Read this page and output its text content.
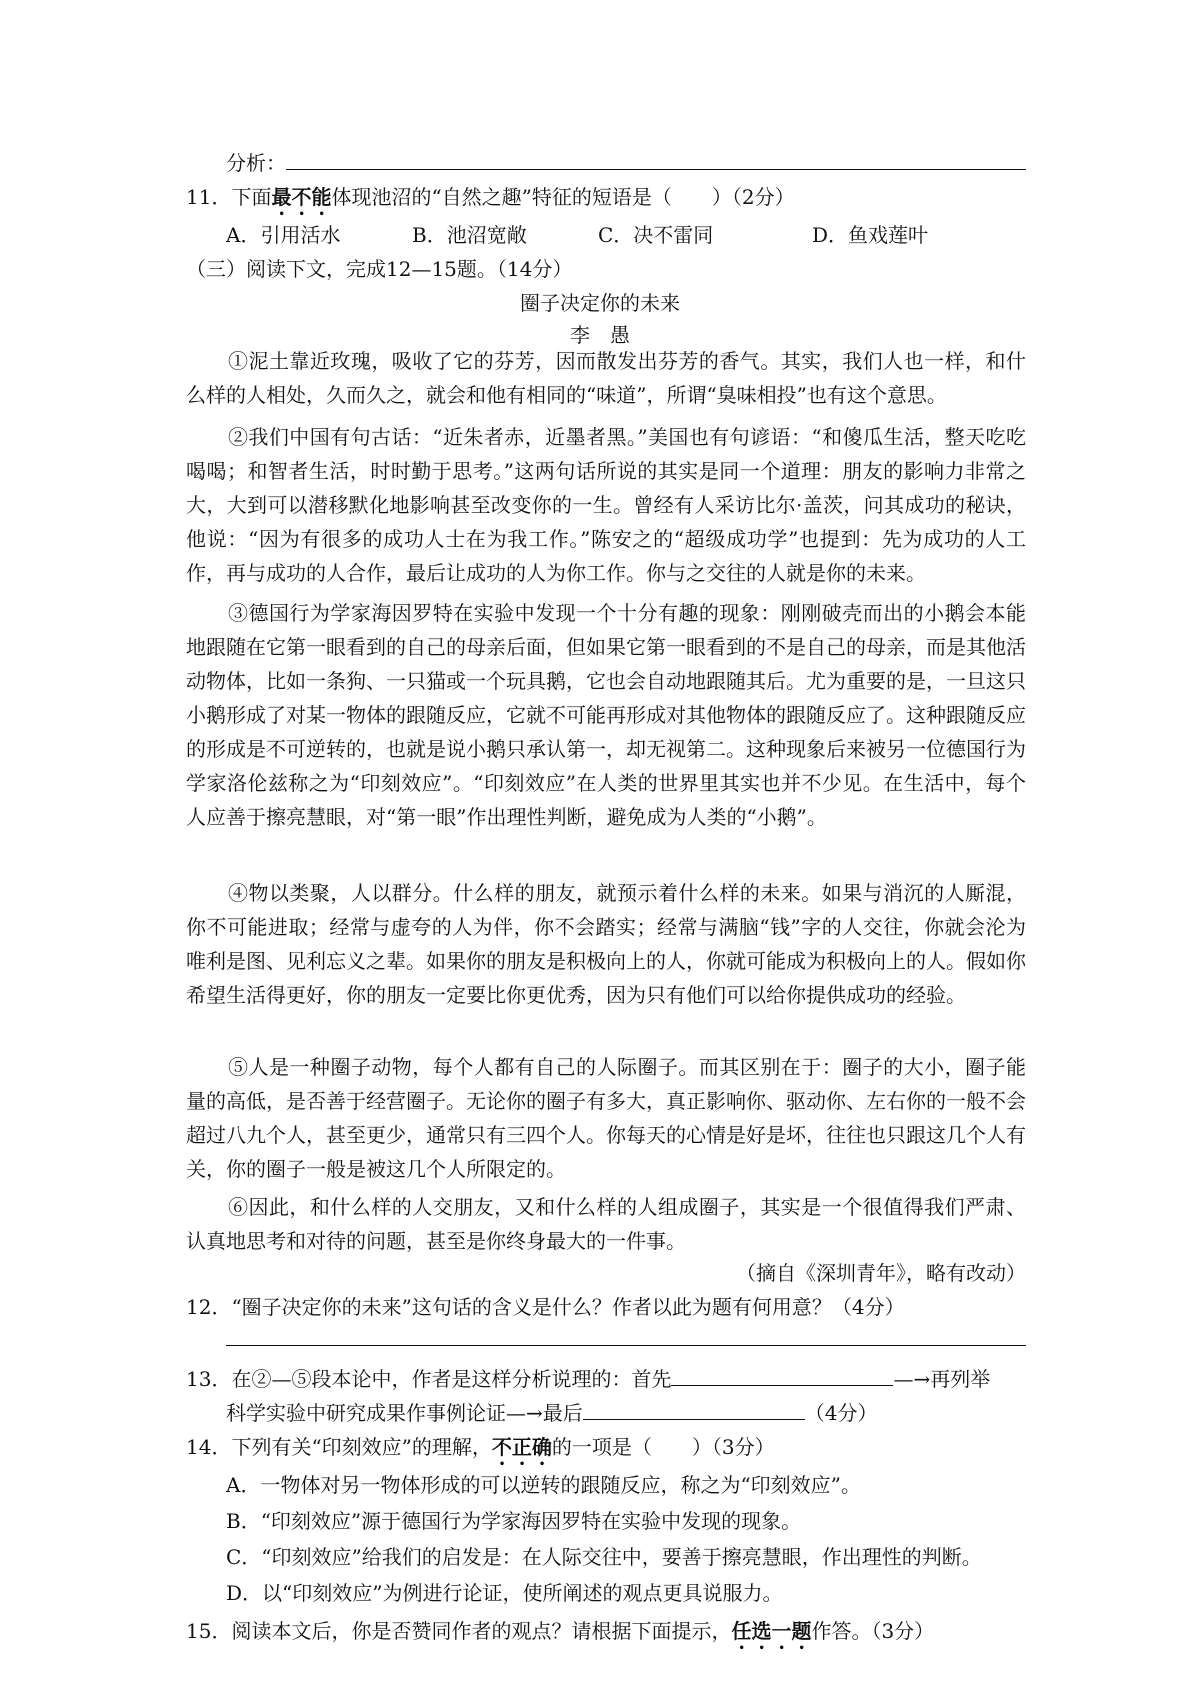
分析：
11．下面最不能体现池沼的“自然之趣”特征的短语是（　　）（2分）
A．引用活水	B．池沼宽敞	C．决不雷同	D．鱼戏莲叶
（三）阅读下文，完成12—15题。（14分）
圈子决定你的未来
李　愚
①泥土靠近玫瑰，吸收了它的芬芳，因而散发出芬芳的香气。其实，我们人也一样，和什么样的人相处，久而久之，就会和他有相同的“味道”，所谓“臭味相投”也有这个意思。
②我们中国有句古话：“近朱者赤，近墨者黑。”美国也有句谚语：“和傻瓜生活，整天吃吃喝喝；和智者生活，时时勤于思考。”这两句话所说的其实是同一个道理：朋友的影响力非常之大，大到可以潜移默化地影响甚至改变你的一生。曾经有人采访比尔·盖茨，问其成功的秘诀，他说：“因为有很多的成功人士在为我工作。”陈安之的“超级成功学”也提到：先为成功的人工作，再与成功的人合作，最后让成功的人为你工作。你与之交往的人就是你的未来。
③德国行为学家海因罗特在实验中发现一个十分有趣的现象：刚刚破壳而出的小鹅会本能地跟随在它第一眼看到的自己的母亲后面，但如果它第一眼看到的不是自己的母亲，而是其他活动物体，比如一条狗、一只猫或一个玩具鹅，它也会自动地跟随其后。尤为重要的是，一旦这只小鹅形成了对某一物体的跟随反应，它就不可能再形成对其他物体的跟随反应了。这种跟随反应的形成是不可逆转的，也就是说小鹅只承认第一，却无视第二。这种现象后来被另一位德国行为学家洛伦兹称之为“印刻效应”。“印刻效应”在人类的世界里其实也并不少见。在生活中，每个人应善于擦亮慧眼，对“第一眼”作出理性判断，避免成为人类的“小鹅”。
④物以类聚，人以群分。什么样的朋友，就预示着什么样的未来。如果与消沉的人厮混，你不可能进取；经常与虚夸的人为伴，你不会踏实；经常与满脑“钱”字的人交往，你就会沦为唯利是图、见利忘义之辈。如果你的朋友是积极向上的人，你就可能成为积极向上的人。假如你希望生活得更好，你的朋友一定要比你更优秀，因为只有他们可以给你提供成功的经验。
⑤人是一种圈子动物，每个人都有自己的人际圈子。而其区别在于：圈子的大小，圈子能量的高低，是否善于经营圈子。无论你的圈子有多大，真正影响你、驱动你、左右你的一般不会超过八九个人，甚至更少，通常只有三四个人。你每天的心情是好是坏，往往也只跟这几个人有关，你的圈子一般是被这几个人所限定的。
⑥因此，和什么样的人交朋友，又和什么样的人组成圈子，其实是一个很值得我们严肃、认真地思考和对待的问题，甚至是你终身最大的一件事。
（摘自《深圳青年》，略有改动）
12．“圈子决定你的未来”这句话的含义是什么？作者以此为题有何用意？（4分）
13．在②—⑤段本论中，作者是这样分析说理的：首先	—→再列举
科学实验中研究成果作事例论证—→最后	（4分）
14．下列有关“印刻效应”的理解，不正确的一项是（　　）（3分）
A．一物体对另一物体形成的可以逆转的跟随反应，称之为“印刻效应”。
B．“印刻效应”源于德国行为学家海因罗特在实验中发现的现象。
C．“印刻效应”给我们的启发是：在人际交往中，要善于擦亮慧眼，作出理性的判断。
D．以“印刻效应”为例进行论证，使所阐述的观点更具说服力。
15．阅读本文后，你是否赞同作者的观点？请根据下面提示，任选一题作答。（3分）
